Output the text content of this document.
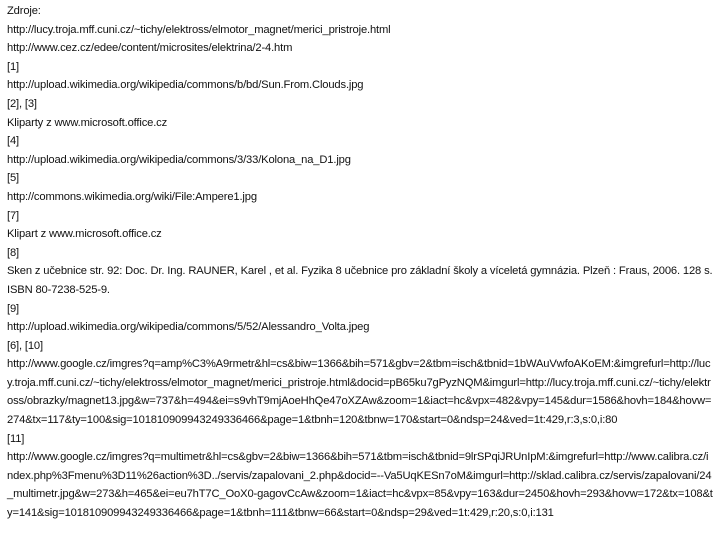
Zdroje:
http://lucy.troja.mff.cuni.cz/~tichy/elektross/elmotor_magnet/merici_pristroje.html
http://www.cez.cz/edee/content/microsites/elektrina/2-4.htm
[1]
http://upload.wikimedia.org/wikipedia/commons/b/bd/Sun.From.Clouds.jpg
[2], [3]
Kliparty z www.microsoft.office.cz
[4]
http://upload.wikimedia.org/wikipedia/commons/3/33/Kolona_na_D1.jpg
[5]
http://commons.wikimedia.org/wiki/File:Ampere1.jpg
[7]
Klipart z www.microsoft.office.cz
[8]
Sken z učebnice str. 92: Doc. Dr. Ing. RAUNER, Karel , et al. Fyzika 8 učebnice pro základní školy a víceletá gymnázia. Plzeň : Fraus, 2006. 128 s. ISBN 80-7238-525-9.
[9]
http://upload.wikimedia.org/wikipedia/commons/5/52/Alessandro_Volta.jpeg
[6], [10]
http://www.google.cz/imgres?q=amp%C3%A9rmetr&hl=cs&biw=1366&bih=571&gbv=2&tbm=isch&tbnid=1bWAuVwfoAKoEM:&imgrefurl=http://lucy.troja.mff.cuni.cz/~tichy/elektross/elmotor_magnet/merici_pristroje.html&docid=pB65ku7gPyzNQM&imgurl=http://lucy.troja.mff.cuni.cz/~tichy/elektross/obrazky/magnet13.jpg&w=737&h=494&ei=s9vhT9mjAoeHhQe47oXZAw&zoom=1&iact=hc&vpx=482&vpy=145&dur=1586&hovh=184&hovw=274&tx=117&ty=100&sig=101810909943249336466&page=1&tbnh=120&tbnw=170&start=0&ndsp=24&ved=1t:429,r:3,s:0,i:80
[11]
http://www.google.cz/imgres?q=multimetr&hl=cs&gbv=2&biw=1366&bih=571&tbm=isch&tbnid=9lrSPqiJRUnIpM:&imgrefurl=http://www.calibra.cz/index.php%3Fmenu%3D11%26action%3D../servis/zapalovani_2.php&docid=--Va5UqKESn7oM&imgurl=http://sklad.calibra.cz/servis/zapalovani/24_multimetr.jpg&w=273&h=465&ei=eu7hT7C_OoX0-gagovCcAw&zoom=1&iact=hc&vpx=85&vpy=163&dur=2450&hovh=293&hovw=172&tx=108&ty=141&sig=101810909943249336466&page=1&tbnh=111&tbnw=66&start=0&ndsp=29&ved=1t:429,r:20,s:0,i:131
